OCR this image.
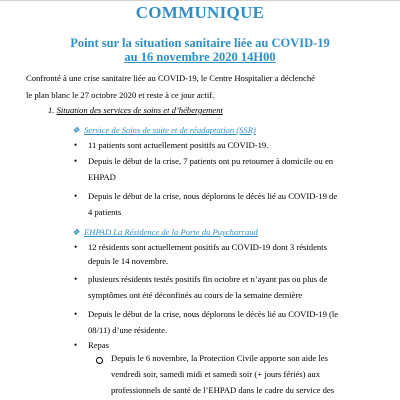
COMMUNIQUE
Point sur la situation sanitaire liée au COVID-19
au 16 novembre 2020 14H00
Confronté à une crise sanitaire liée au COVID-19, le Centre Hospitalier a déclenché
le plan blanc le 27 octobre 2020 et reste à ce jour actif.
1. Situation des services de soins et d’hébergement
❖ Service de Soins de suite et de réadaptation (SSR)
• 11 patients sont actuellement positifs au COVID-19.
• Depuis le début de la crise, 7 patients ont pu retourner à domicile ou en
EHPAD
• Depuis le début de la crise, nous déplorons le décès lié au COVID-19 de
4 patients
❖ EHPAD La Résidence de la Porte du Puycharraud
• 12 résidents sont actuellement positifs au COVID-19 dont 3 résidents
depuis le 14 novembre.
• plusieurs résidents testés positifs fin octobre et n’ayant pas ou plus de
symptômes ont été déconfinés au cours de la semaine dernière
• Depuis le début de la crise, nous déplorons le décès lié au COVID-19 (le
08/11) d’une résidente.
• Repas
Depuis le 6 novembre, la Protection Civile apporte son aide les
vendredi soir, samedi midi et samedi soir (+ jours fériés) aux
professionnels de santé de l’EHPAD dans le cadre du service des
